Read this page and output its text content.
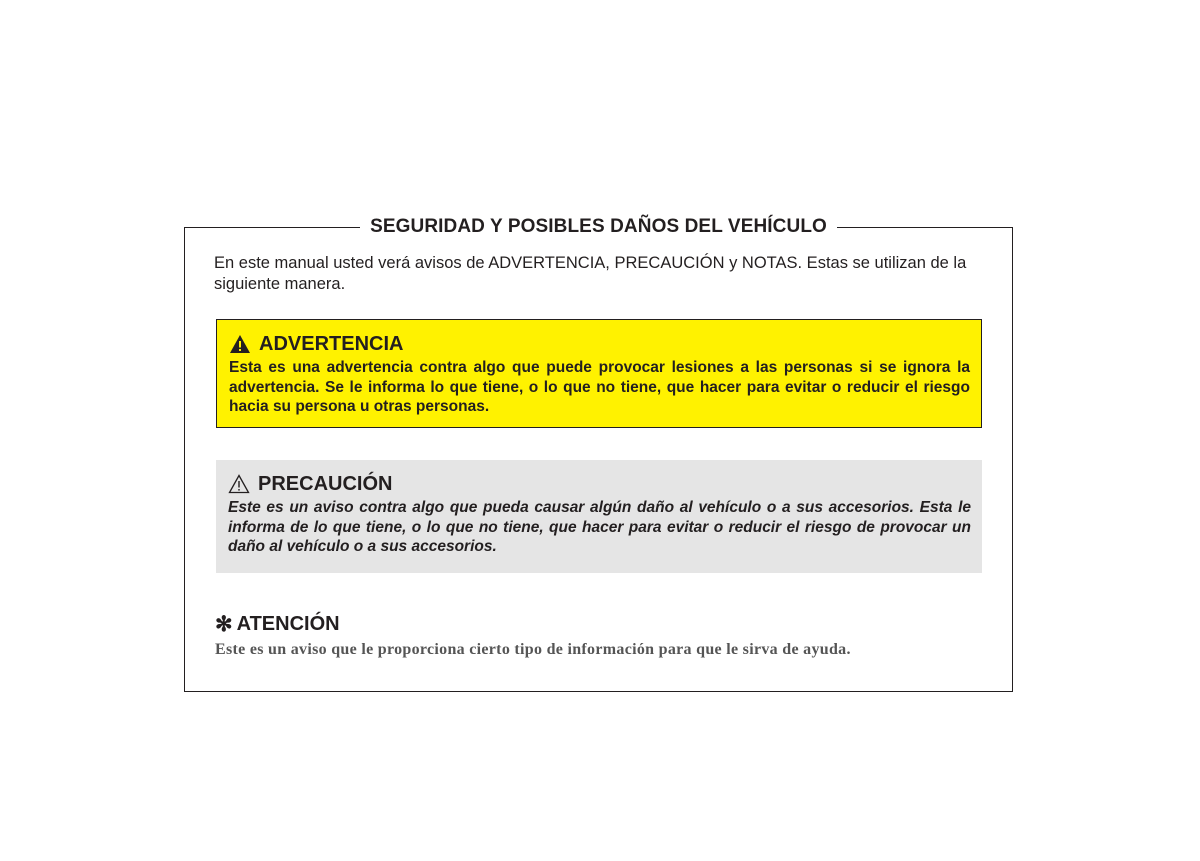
SEGURIDAD Y POSIBLES DAÑOS DEL VEHÍCULO

En este manual usted verá avisos de ADVERTENCIA, PRECAUCIÓN y NOTAS. Estas se utilizan de la siguiente manera.

ADVERTENCIA

Esta es una advertencia contra algo que puede provocar lesiones a las personas si se ignora la advertencia. Se le informa lo que tiene, o lo que no tiene, que hacer para evitar o reducir el riesgo hacia su persona u otras personas.

PRECAUCIÓN

Este es un aviso contra algo que pueda causar algún daño al vehículo o a sus accesorios. Esta le informa de lo que tiene, o lo que no tiene, que hacer para evitar o reducir el riesgo de provocar un daño al vehículo o a sus accesorios.

✻ ATENCIÓN

Este es un aviso que le proporciona cierto tipo de información para que le sirva de ayuda.
